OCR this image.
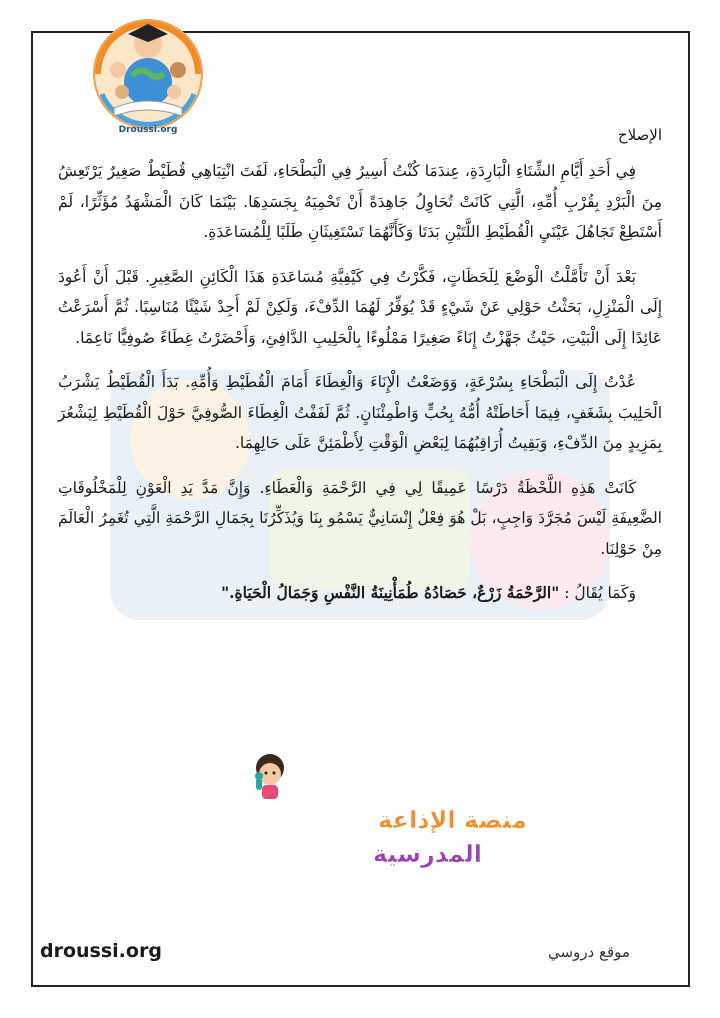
Droussi.org	الإصلاح

فِي أَحَدِ أَيَّامِ الشِّتَاءِ الْبَارِدَةِ، عِندَمَا كُنْتُ أَسِيرُ فِي الْبَطْحَاءِ، لَفَتَ انْتِبَاهِي قُطَيْطٌ صَغِيرٌ يَرْتَعِشُ مِنَ الْبَرْدِ بِقُرْبِ أُمِّهِ، الَّتِي كَانَتْ تُحَاوِلُ جَاهِدَةً أَنْ تَحْمِيَهُ بِجَسَدِهَا. بَيْنَمَا كَانَ الْمَشْهَدُ مُؤَثِّرًا، لَمْ أَسْتَطِعْ تَجَاهُلَ عَيْنَيِ الْقُطَيْطِ اللَّتَيْنِ بَدَتَا وَكَأَنَّهُمَا تَسْتَغِيثَانِ طَلَبًا لِلْمُسَاعَدَةِ.

بَعْدَ أَنْ تَأَمَّلْتُ الْوَضْعَ لِلَحَظَاتٍ، فَكَّرْتُ فِي كَيْفِيَّةِ مُسَاعَدَةِ هَذَا الْكَائِنِ الصَّغِيرِ. قَبْلَ أَنْ أَعُودَ إِلَى الْمَنْزِلِ، بَحَثْتُ حَوْلِي عَنْ شَيْءٍ قَدْ يُوَفِّرُ لَهُمَا الدِّفْءَ، وَلَكِنْ لَمْ أَجِدْ شَيْئًا مُنَاسِبًا. ثُمَّ أَسْرَعْتُ عَائِدًا إِلَى الْبَيْتِ، حَيْثُ جَهَّزْتُ إِنَاءً صَغِيرًا مَمْلُوءًا بِالْحَلِيبِ الدَّافِئِ، وَأَحْضَرْتُ غِطَاءً صُوفِيًّا نَاعِمًا.

عُدْتُ إِلَى الْبَطْحَاءِ بِسُرْعَةٍ، وَوَضَعْتُ الْإِنَاءَ وَالْغِطَاءَ أَمَامَ الْقُطَيْطِ وَأُمِّهِ. بَدَأَ الْقُطَيْطُ يَشْرَبُ الْحَلِيبَ بِشَغَفٍ، فِيمَا أَحَاطَتْهُ أُمُّهُ بِحُبٍّ وَاطْمِئْنَانٍ. ثُمَّ لَفَفْتُ الْغِطَاءَ الصُّوفِيَّ حَوْلَ الْقُطَيْطِ لِيَشْعُرَ بِمَزِيدٍ مِنَ الدِّفْءِ، وَبَقِيتُ أُرَاقِبُهُمَا لِبَعْضِ الْوَقْتِ لِأَطْمَئِنَّ عَلَى حَالِهِمَا.

كَانَتْ هَذِهِ اللَّحْظَةُ دَرْسًا عَمِيقًا لِي فِي الرَّحْمَةِ وَالْعَطَاءِ. وَإِنَّ مَدَّ يَدِ الْعَوْنِ لِلْمَخْلُوقَاتِ الضَّعِيفَةِ لَيْسَ مُجَرَّدَ وَاجِبٍ، بَلْ هُوَ فِعْلٌ إِنْسَانِيٌّ يَسْمُو بِنَا وَيُذَكِّرُنَا بِجَمَالِ الرَّحْمَةِ الَّتِي تُغَمِرُ الْعَالَمَ مِنْ حَوْلِنَا.

وَكَمَا يُقَالُ : "الرَّحْمَةُ زَرْعٌ، حَصَادُهُ طُمَأْنِينَةُ النَّفْسِ وَجَمَالُ الْحَيَاةِ."

منصة الإذاعة
المدرسية
droussi.org	موقع دروسي
